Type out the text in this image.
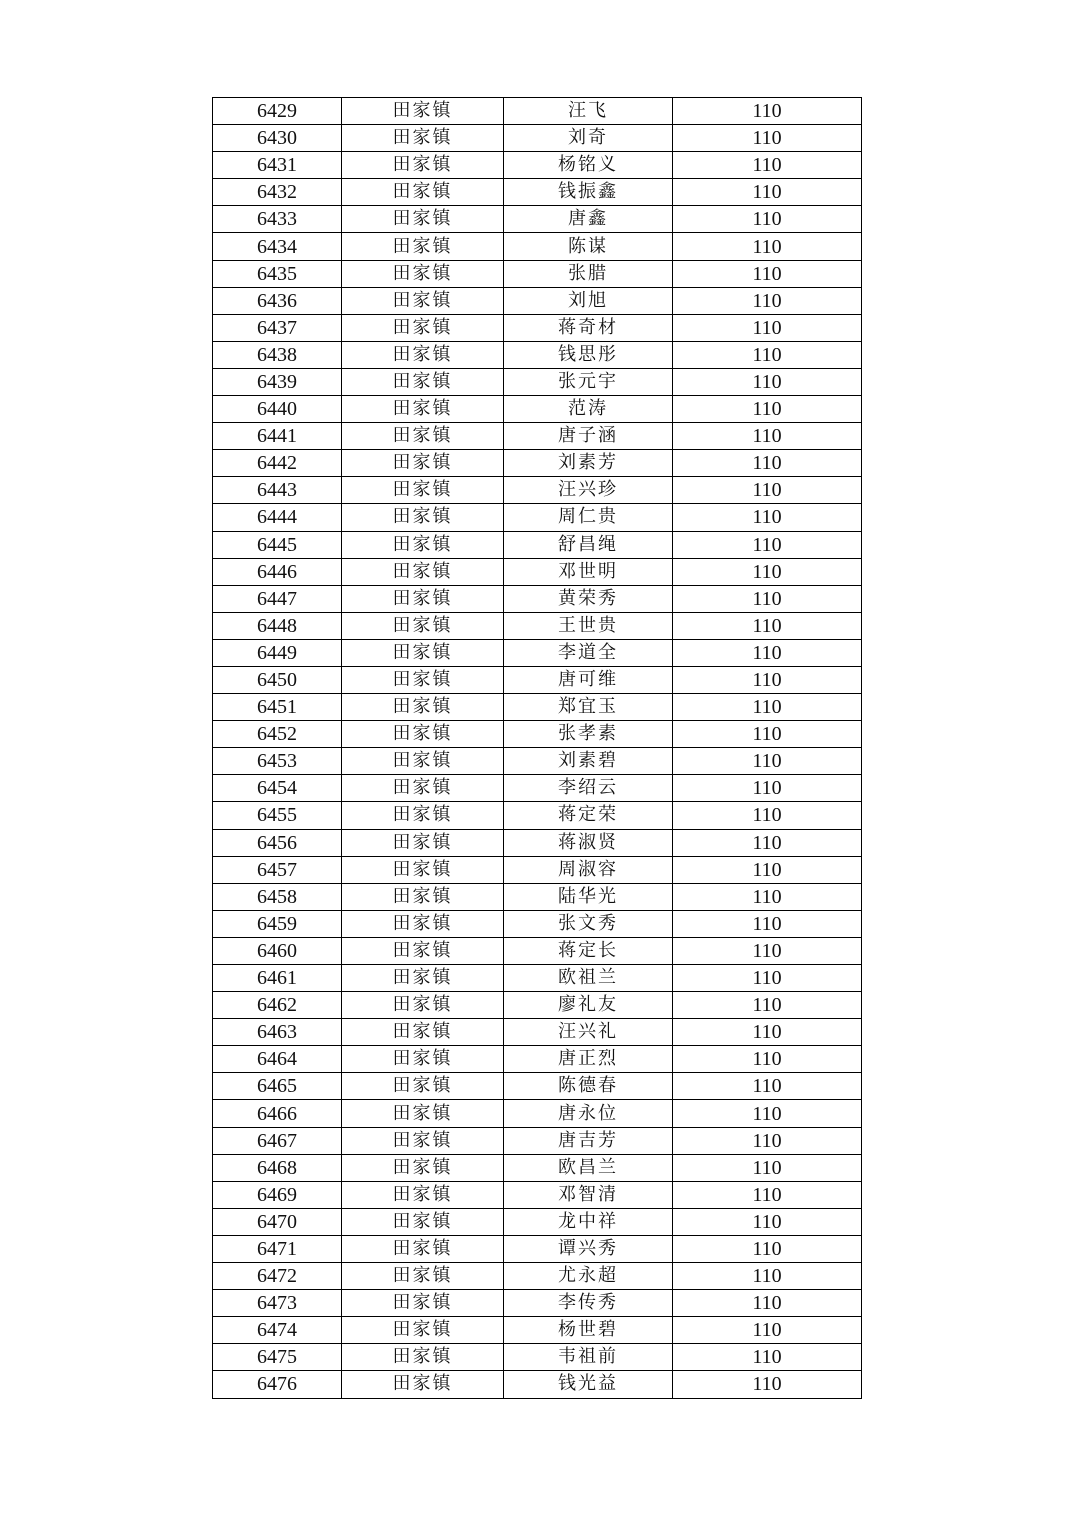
6429	田家镇	汪飞	110
6430	田家镇	刘奇	110
6431	田家镇	杨铭义	110
6432	田家镇	钱振鑫	110
6433	田家镇	唐鑫	110
6434	田家镇	陈谋	110
6435	田家镇	张腊	110
6436	田家镇	刘旭	110
6437	田家镇	蒋奇材	110
6438	田家镇	钱思彤	110
6439	田家镇	张元宇	110
6440	田家镇	范涛	110
6441	田家镇	唐子涵	110
6442	田家镇	刘素芳	110
6443	田家镇	汪兴珍	110
6444	田家镇	周仁贵	110
6445	田家镇	舒昌绳	110
6446	田家镇	邓世明	110
6447	田家镇	黄荣秀	110
6448	田家镇	王世贵	110
6449	田家镇	李道全	110
6450	田家镇	唐可维	110
6451	田家镇	郑宜玉	110
6452	田家镇	张孝素	110
6453	田家镇	刘素碧	110
6454	田家镇	李绍云	110
6455	田家镇	蒋定荣	110
6456	田家镇	蒋淑贤	110
6457	田家镇	周淑容	110
6458	田家镇	陆华光	110
6459	田家镇	张文秀	110
6460	田家镇	蒋定长	110
6461	田家镇	欧祖兰	110
6462	田家镇	廖礼友	110
6463	田家镇	汪兴礼	110
6464	田家镇	唐正烈	110
6465	田家镇	陈德春	110
6466	田家镇	唐永位	110
6467	田家镇	唐吉芳	110
6468	田家镇	欧昌兰	110
6469	田家镇	邓智清	110
6470	田家镇	龙中祥	110
6471	田家镇	谭兴秀	110
6472	田家镇	尤永超	110
6473	田家镇	李传秀	110
6474	田家镇	杨世碧	110
6475	田家镇	韦祖前	110
6476	田家镇	钱光益	110
